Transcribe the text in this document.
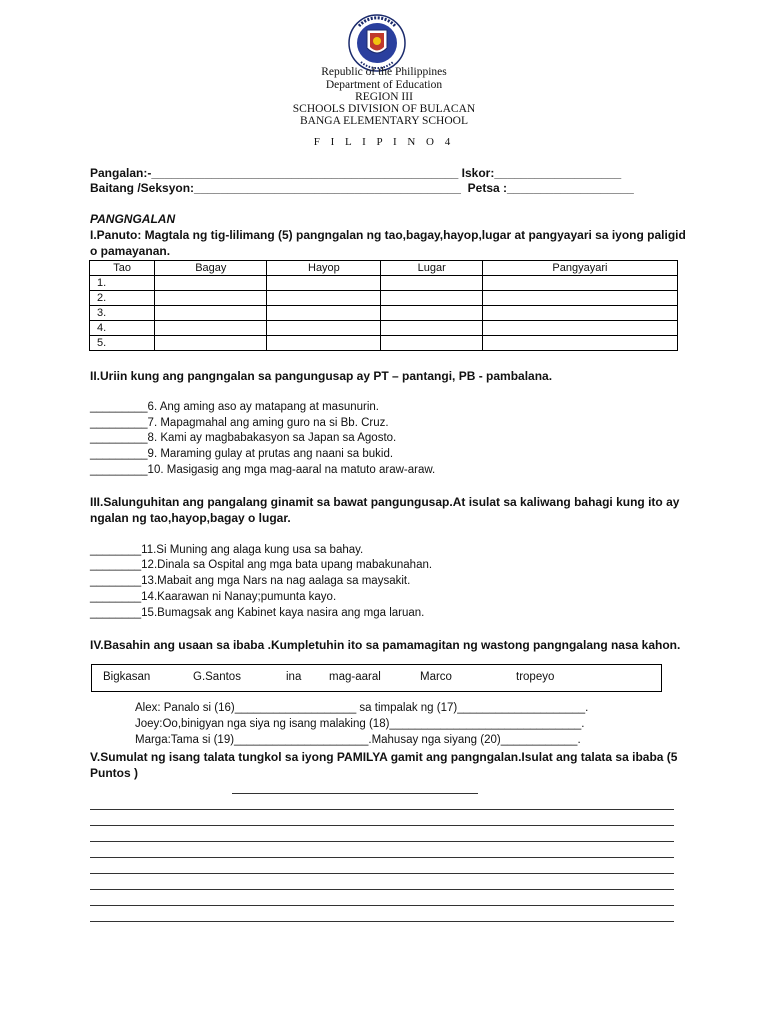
Republic of the Philippines
Department of Education
REGION III
SCHOOLS DIVISION OF BULACAN
BANGA ELEMENTARY SCHOOL
F I L I P I N O 4
Pangalan:-______________________________________________ Iskor:___________________
Baitang /Seksyon:________________________________________  Petsa :___________________
PANGNGALAN
I.Panuto: Magtala ng tig-lilimang (5) pangngalan ng tao,bagay,hayop,lugar at pangyayari sa iyong paligid o pamayanan.
Tao	Bagay	Hayop	Lugar	Pangyayari
1.				
2.				
3.				
4.				
5.				
II.Uriin kung ang pangngalan sa pangungusap ay PT – pantangi, PB - pambalana.
_________6. Ang aming aso ay matapang at masunurin.
_________7. Mapagmahal ang aming guro na si Bb. Cruz.
_________8. Kami ay magbabakasyon sa Japan sa Agosto.
_________9. Maraming gulay at prutas ang naani sa bukid.
_________10. Masigasig ang mga mag-aaral na matuto araw-araw.
III.Salunguhitan ang pangalang ginamit sa bawat pangungusap.At isulat sa kaliwang bahagi kung ito ay ngalan ng tao,hayop,bagay o lugar.
________11.Si Muning ang alaga kung usa sa bahay.
________12.Dinala sa Ospital ang mga bata upang mabakunahan.
________13.Mabait ang mga Nars na nag aalaga sa maysakit.
________14.Kaarawan ni Nanay;pumunta kayo.
________15.Bumagsak ang Kabinet kaya nasira ang mga laruan.
IV.Basahin ang usaan sa ibaba .Kumpletuhin ito sa pamamagitan ng wastong pangngalang nasa kahon.
Bigkasan	G.Santos	ina mag-aaral	Marco	tropeyo
Alex: Panalo si (16)___________________ sa timpalak ng (17)____________________.
Joey:Oo,binigyan nga siya ng isang malaking (18)______________________________.
Marga:Tama si (19)_____________________.Mahusay nga siyang (20)____________.
V.Sumulat ng isang talata tungkol sa iyong PAMILYA gamit ang pangngalan.Isulat ang talata sa ibaba (5 Puntos )
